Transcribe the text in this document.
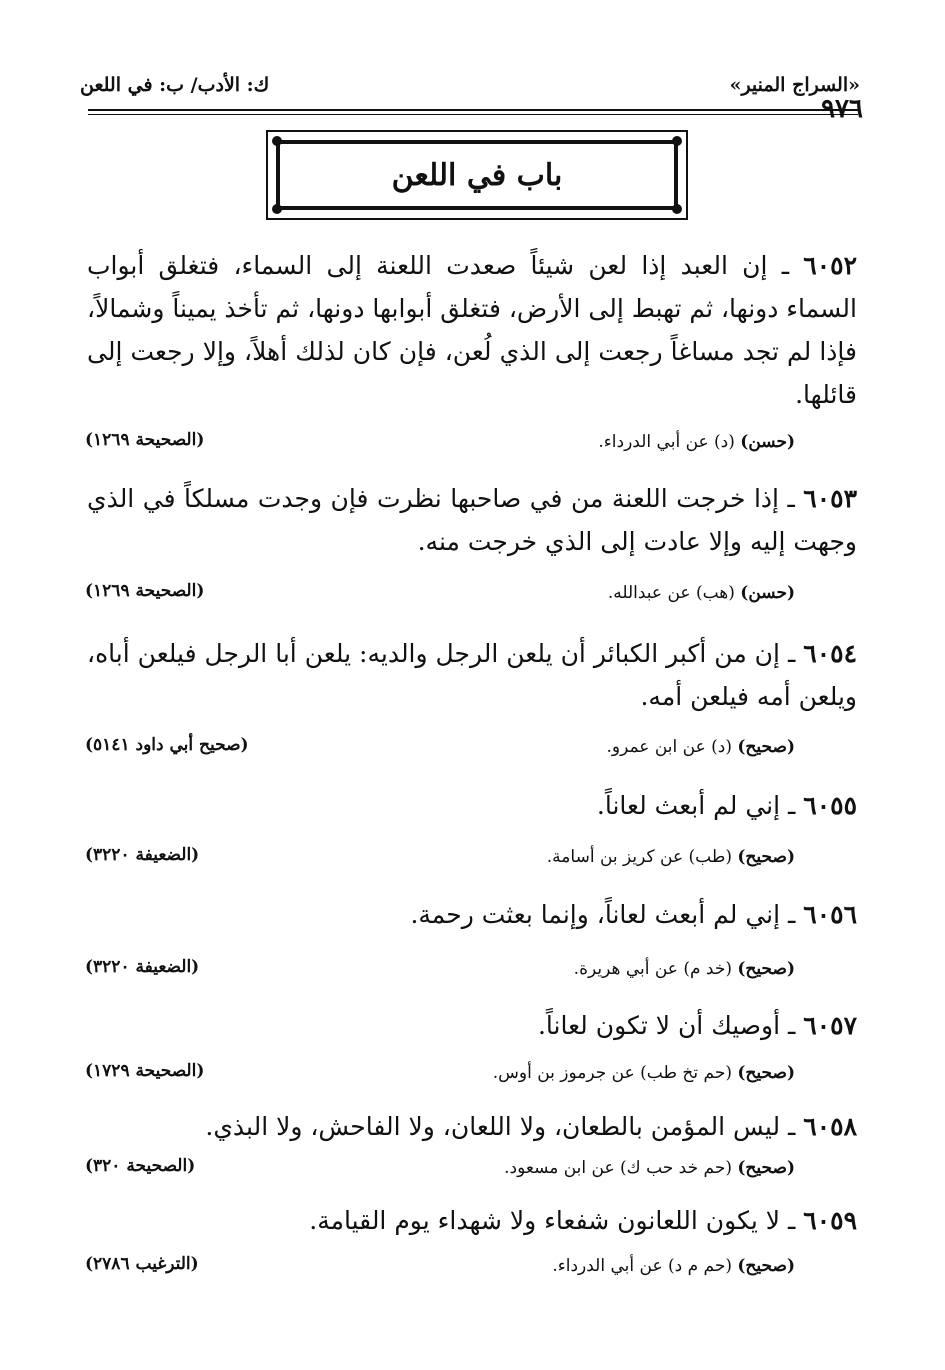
«السراج المنير»
ك: الأدب/ ب: في اللعن
٩٧٦
باب في اللعن
٦٠٥٢ ـ إن العبد إذا لعن شيئاً صعدت اللعنة إلى السماء، فتغلق أبواب السماء دونها، ثم تهبط إلى الأرض، فتغلق أبوابها دونها، ثم تأخذ يميناً وشمالاً، فإذا لم تجد مساغاً رجعت إلى الذي لُعن، فإن كان لذلك أهلاً، وإلا رجعت إلى قائلها.
(حسن) (د) عن أبي الدرداء.
(الصحيحة ١٢٦٩)
٦٠٥٣ ـ إذا خرجت اللعنة من في صاحبها نظرت فإن وجدت مسلكاً في الذي وجهت إليه وإلا عادت إلى الذي خرجت منه.
(حسن) (هب) عن عبدالله.
(الصحيحة ١٢٦٩)
٦٠٥٤ ـ إن من أكبر الكبائر أن يلعن الرجل والديه: يلعن أبا الرجل فيلعن أباه، ويلعن أمه فيلعن أمه.
(صحيح) (د) عن ابن عمرو.
(صحيح أبي داود ٥١٤١)
٦٠٥٥ ـ إني لم أبعث لعاناً.
(صحيح) (طب) عن كريز بن أسامة.
(الضعيفة ٣٢٢٠)
٦٠٥٦ ـ إني لم أبعث لعاناً، وإنما بعثت رحمة.
(صحيح) (خد م) عن أبي هريرة.
(الضعيفة ٣٢٢٠)
٦٠٥٧ ـ أوصيك أن لا تكون لعاناً.
(صحيح) (حم تخ طب) عن جرموز بن أوس.
(الصحيحة ١٧٢٩)
٦٠٥٨ ـ ليس المؤمن بالطعان، ولا اللعان، ولا الفاحش، ولا البذي.
(صحيح) (حم خد حب ك) عن ابن مسعود.
(الصحيحة ٣٢٠)
٦٠٥٩ ـ لا يكون اللعانون شفعاء ولا شهداء يوم القيامة.
(صحيح) (حم م د) عن أبي الدرداء.
(الترغيب ٢٧٨٦)
